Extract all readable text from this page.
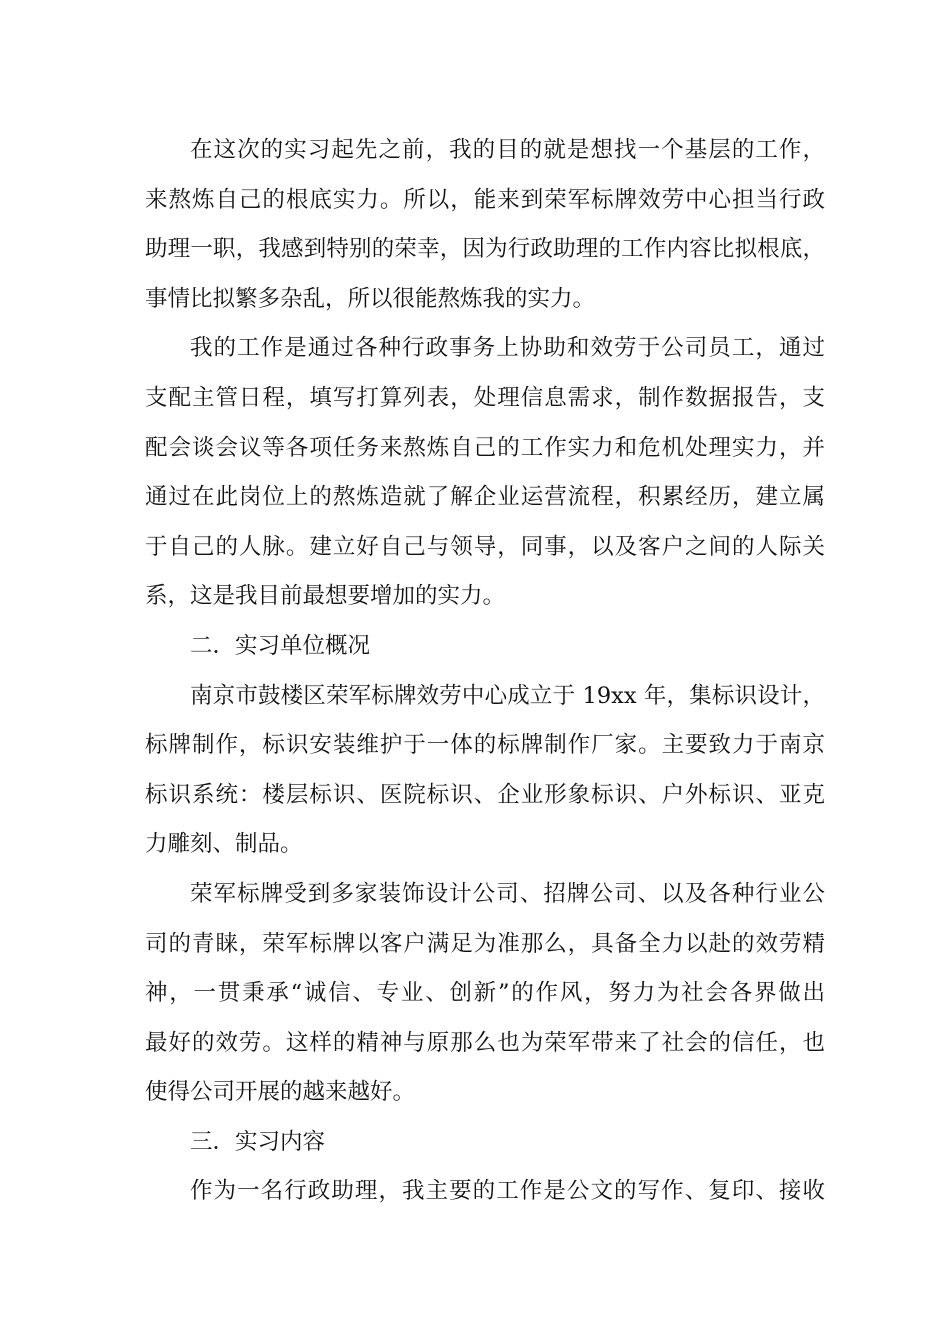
在这次的实习起先之前，我的目的就是想找一个基层的工作，
来熬炼自己的根底实力。所以，能来到荣军标牌效劳中心担当行政
助理一职，我感到特别的荣幸，因为行政助理的工作内容比拟根底，
事情比拟繁多杂乱，所以很能熬炼我的实力。
我的工作是通过各种行政事务上协助和效劳于公司员工，通过
支配主管日程，填写打算列表，处理信息需求，制作数据报告，支
配会谈会议等各项任务来熬炼自己的工作实力和危机处理实力，并
通过在此岗位上的熬炼造就了解企业运营流程，积累经历，建立属
于自己的人脉。建立好自己与领导，同事，以及客户之间的人际关
系，这是我目前最想要增加的实力。
二．实习单位概况
南京市鼓楼区荣军标牌效劳中心成立于 19xx 年，集标识设计，
标牌制作，标识安装维护于一体的标牌制作厂家。主要致力于南京
标识系统：楼层标识、医院标识、企业形象标识、户外标识、亚克
力雕刻、制品。
荣军标牌受到多家装饰设计公司、招牌公司、以及各种行业公
司的青睐，荣军标牌以客户满足为准那么，具备全力以赴的效劳精
神，一贯秉承“诚信、专业、创新”的作风，努力为社会各界做出
最好的效劳。这样的精神与原那么也为荣军带来了社会的信任，也
使得公司开展的越来越好。
三．实习内容
作为一名行政助理，我主要的工作是公文的写作、复印、接收
